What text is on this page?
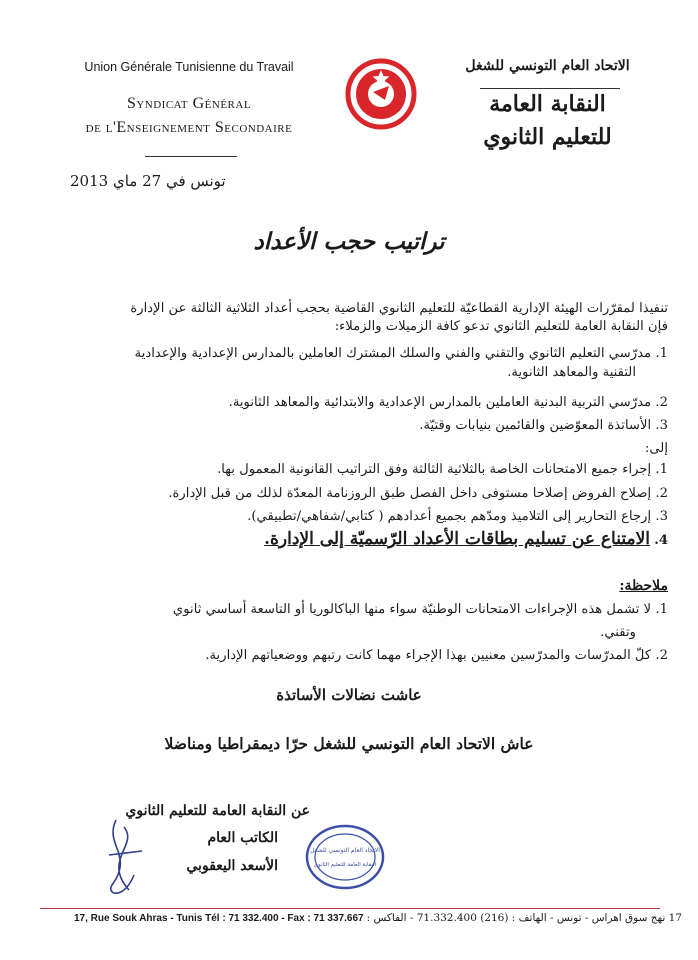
Union Générale Tunisienne du Travail
Syndicat Général
de l'Enseignement Secondaire
الاتحاد العام التونسي للشغل
النقابة العامة
للتعليم الثانوي
تونس في 27 ماي 2013
تراتيب حجب الأعداد
تنفيذا لمقرّرات الهيئة الإدارية القطاعيّة للتعليم الثانوي القاضية بحجب أعداد الثلاثية الثالثة عن الإدارة
فإن النقابة العامة للتعليم الثانوي تدعو كافة الزميلات والزملاء:
1. مدرّسي التعليم الثانوي والتقني والفني والسلك المشترك العاملين بالمدارس الإعدادية والإعدادية
التقنية والمعاهد الثانوية.
2. مدرّسي التربية البدنية العاملين بالمدارس الإعدادية والابتدائية والمعاهد الثانوية.
3. الأساتذة المعوّضين والقائمين بنيابات وقتيّة.
إلى:
1. إجراء جميع الامتحانات الخاصة بالثلاثية الثالثة وفق التراتيب القانونية المعمول بها.
2. إصلاح الفروض إصلاحا مستوفى داخل الفصل طبق الروزنامة المعدّة لذلك من قبل الإدارة.
3. إرجاع التحارير إلى التلاميذ ومدّهم بجميع أعدادهم ( كتابي/شفاهي/تطبيقي).
4. الامتناع عن تسليم بطاقات الأعداد الرّسميّة إلى الإدارة.
ملاحظة:
1. لا تشمل هذه الإجراءات الامتحانات الوطنيّة سواء منها الباكالوريا أو التاسعة أساسي ثانوي
وتقني.
2. كلّ المدرّسات والمدرّسين معنيين بهذا الإجراء مهما كانت رتبهم ووضعياتهم الإدارية.
عاشت نضالات الأساتذة
عاش الاتحاد العام التونسي للشغل حرّا ديمقراطيا ومناضلا
عن النقابة العامة للتعليم الثانوي
الكاتب العام
الأسعد اليعقوبي
الاتحاد العام التونسي للشغل
النقابة العامة للتعليم الثانوي
17, Rue Souk Ahras - Tunis Tél : 71 332.400 - Fax : 71 337.667 17 نهج سوق اهراس - تونس - الهاتف : (216) 71.332.400 - الفاكس :
